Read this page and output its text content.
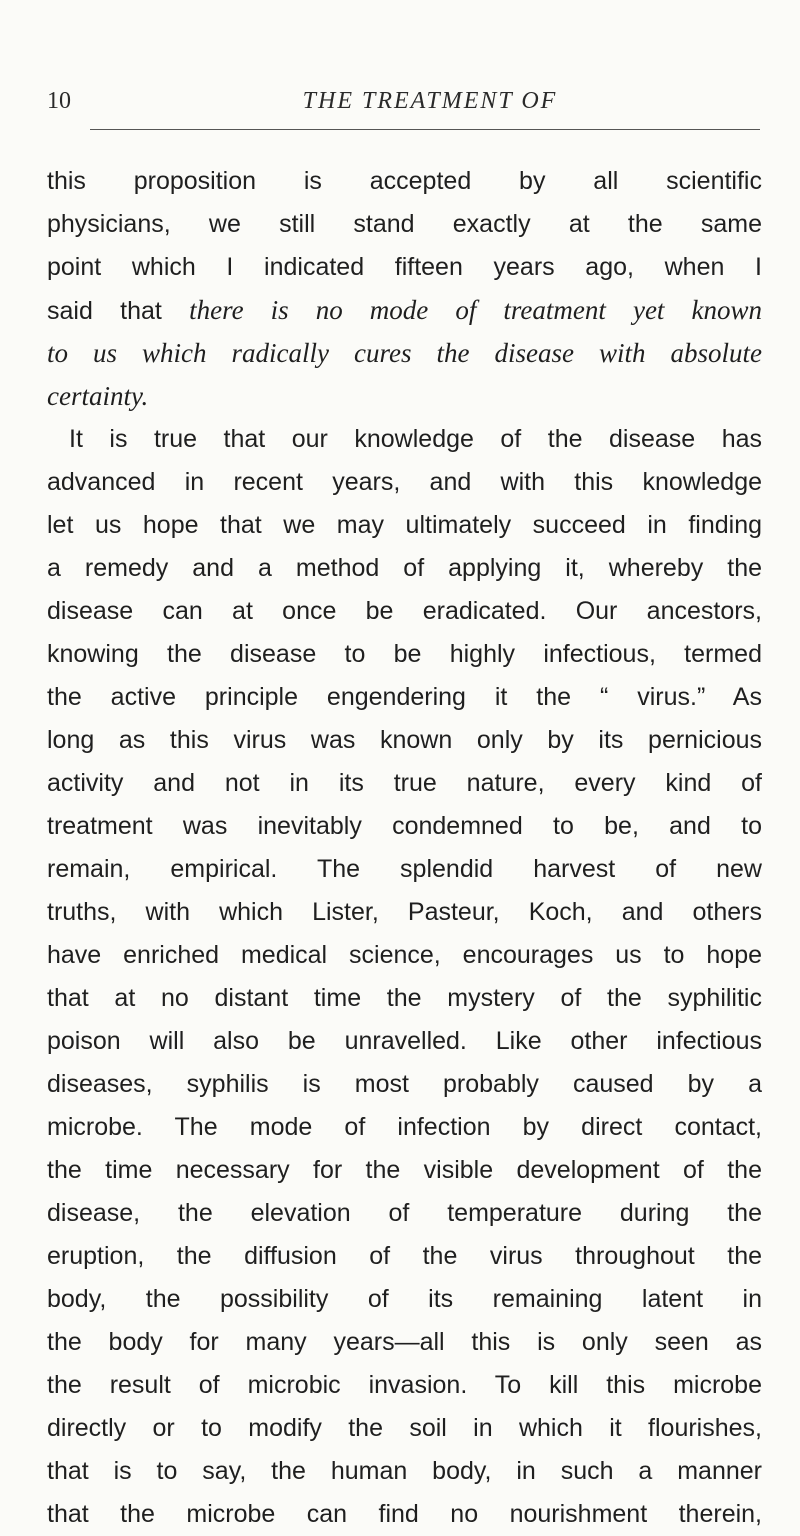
10	THE TREATMENT OF
this proposition is accepted by all scientific
physicians, we still stand exactly at the same
point which I indicated fifteen years ago, when I
said that there is no mode of treatment yet known
to us which radically cures the disease with absolute
certainty.
It is true that our knowledge of the disease has
advanced in recent years, and with this knowledge
let us hope that we may ultimately succeed in finding
a remedy and a method of applying it, whereby the
disease can at once be eradicated. Our ancestors,
knowing the disease to be highly infectious, termed
the active principle engendering it the “ virus.” As
long as this virus was known only by its pernicious
activity and not in its true nature, every kind of
treatment was inevitably condemned to be, and to
remain, empirical. The splendid harvest of new
truths, with which Lister, Pasteur, Koch, and others
have enriched medical science, encourages us to hope
that at no distant time the mystery of the syphilitic
poison will also be unravelled. Like other infectious
diseases, syphilis is most probably caused by a
microbe. The mode of infection by direct contact,
the time necessary for the visible development of the
disease, the elevation of temperature during the
eruption, the diffusion of the virus throughout the
body, the possibility of its remaining latent in
the body for many years—all this is only seen as
the result of microbic invasion. To kill this microbe
directly or to modify the soil in which it flourishes,
that is to say, the human body, in such a manner
that the microbe can find no nourishment therein,
